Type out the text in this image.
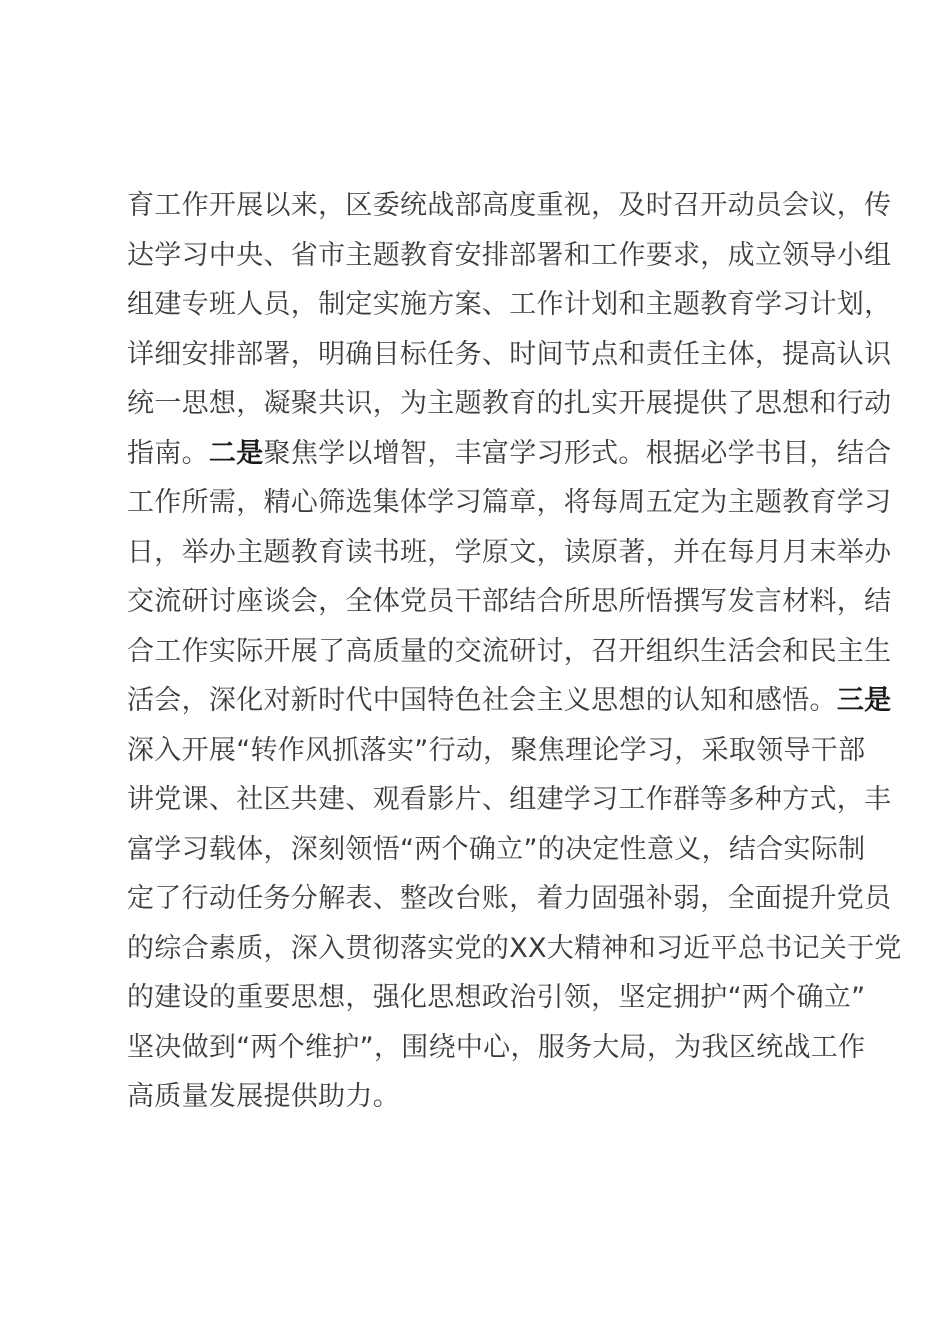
育工作开展以来，区委统战部高度重视，及时召开动员会议，传
达学习中央、省市主题教育安排部署和工作要求，成立领导小组
组建专班人员，制定实施方案、工作计划和主题教育学习计划，
详细安排部署，明确目标任务、时间节点和责任主体，提高认识
统一思想，凝聚共识，为主题教育的扎实开展提供了思想和行动
指南。二是聚焦学以增智，丰富学习形式。根据必学书目，结合
工作所需，精心筛选集体学习篇章，将每周五定为主题教育学习
日，举办主题教育读书班，学原文，读原著，并在每月月末举办
交流研讨座谈会，全体党员干部结合所思所悟撰写发言材料，结
合工作实际开展了高质量的交流研讨，召开组织生活会和民主生
活会，深化对新时代中国特色社会主义思想的认知和感悟。三是
深入开展“转作风抓落实”行动，聚焦理论学习，采取领导干部
讲党课、社区共建、观看影片、组建学习工作群等多种方式，丰
富学习载体，深刻领悟“两个确立”的决定性意义，结合实际制
定了行动任务分解表、整改台账，着力固强补弱，全面提升党员
的综合素质，深入贯彻落实党的XX大精神和习近平总书记关于党
的建设的重要思想，强化思想政治引领，坚定拥护“两个确立”
坚决做到“两个维护”，围绕中心，服务大局，为我区统战工作
高质量发展提供助力。
